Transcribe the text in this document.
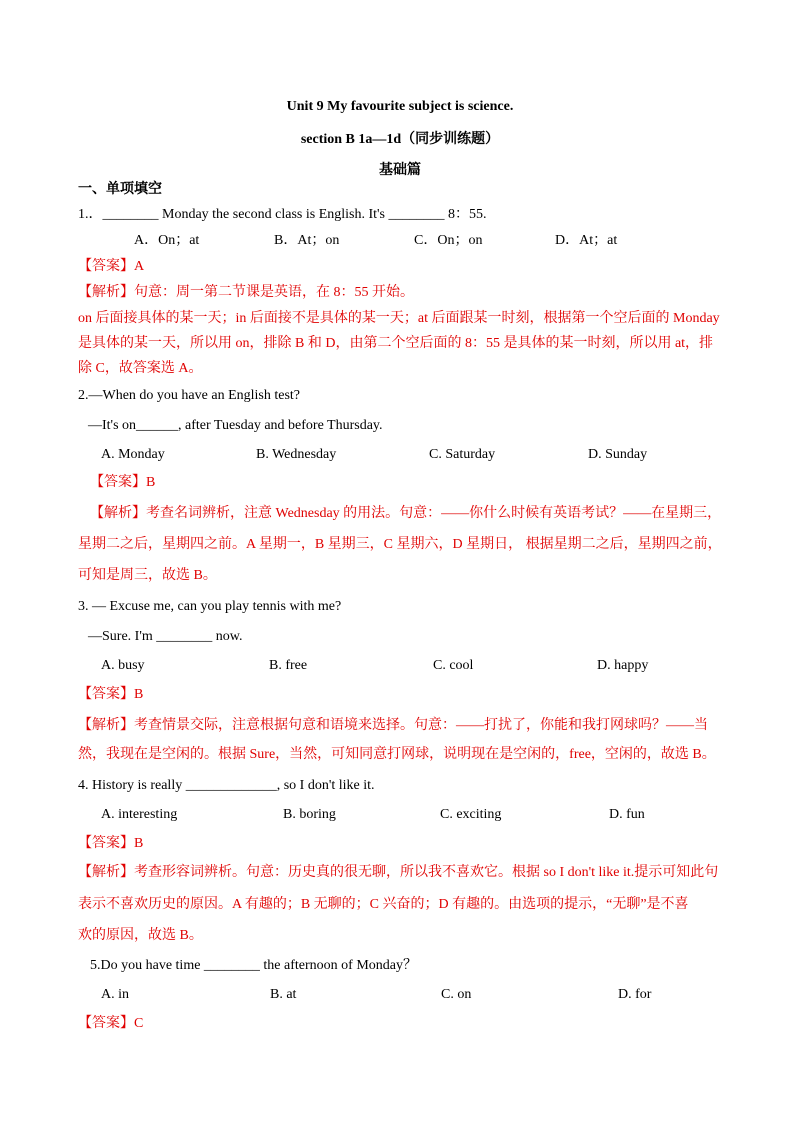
Unit 9 My favourite subject is science.
section B 1a—1d（同步训练题）
基础篇
一、单项填空
1.．________ Monday the second class is English. It's ________ 8：55.
A．On；at	B．At；on	C．On；on	D．At；at
【答案】A
【解析】句意：周一第二节课是英语，在 8：55 开始。
on 后面接具体的某一天；in 后面接不是具体的某一天；at 后面跟某一时刻，根据第一个空后面的 Monday
是具体的某一天，所以用 on，排除 B 和 D，由第二个空后面的 8：55 是具体的某一时刻，所以用 at，排
除 C，故答案选 A。
2.—When do you have an English test?
—It's on______, after Tuesday and before Thursday.
A. Monday	B. Wednesday	C. Saturday	D. Sunday
【答案】B
【解析】考查名词辨析，注意 Wednesday 的用法。句意：——你什么时候有英语考试？——在星期三，
星期二之后，星期四之前。A 星期一，B 星期三，C 星期六，D 星期日， 根据星期二之后，星期四之前，
可知是周三，故选 B。
3. — Excuse me, can you play tennis with me?
—Sure. I'm ________ now.
A. busy	B. free	C. cool	D. happy
【答案】B
【解析】考查情景交际，注意根据句意和语境来选择。句意：——打扰了，你能和我打网球吗？——当
然，我现在是空闲的。根据 Sure，当然，可知同意打网球，说明现在是空闲的，free，空闲的，故选 B。
4. History is really _____________, so I don't like it.
A. interesting	B. boring	C. exciting	D. fun
【答案】B
【解析】考查形容词辨析。句意：历史真的很无聊，所以我不喜欢它。根据 so I don't like it.提示可知此句
表示不喜欢历史的原因。A 有趣的；B 无聊的；C 兴奋的；D 有趣的。由选项的提示，“无聊”是不喜
欢的原因，故选 B。
5.Do you have time ________ the afternoon of Monday？
A. in	B. at	C. on	D. for
【答案】C
